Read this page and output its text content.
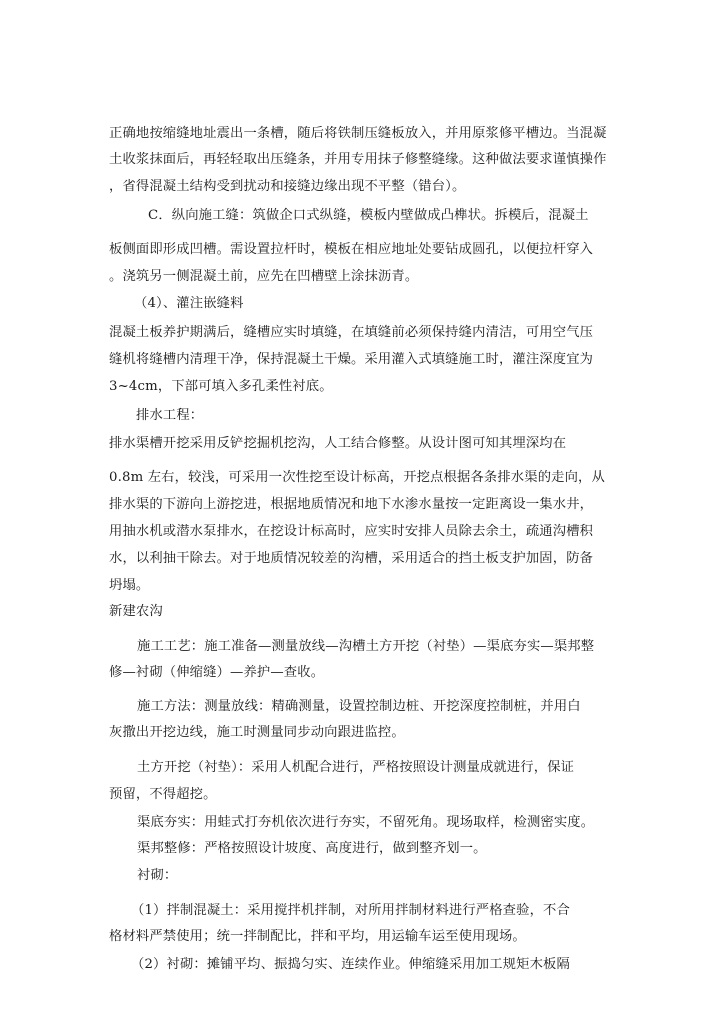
正确地按缩缝地址震出一条槽，随后将铁制压缝板放入，并用原浆修平槽边。当混凝
土收浆抹面后，再轻轻取出压缝条，并用专用抹子修整缝缘。这种做法要求谨慎操作
，省得混凝土结构受到扰动和接缝边缘出现不平整（错台）。
C．纵向施工缝：筑做企口式纵缝，模板内壁做成凸榫状。拆模后，混凝土
板侧面即形成凹槽。需设置拉杆时，模板在相应地址处要钻成圆孔，以便拉杆穿入
。浇筑另一侧混凝土前，应先在凹槽壁上涂抹沥青。
（4）、灌注嵌缝料
混凝土板养护期满后，缝槽应实时填缝，在填缝前必须保持缝内清洁，可用空气压
缝机将缝槽内清理干净，保持混凝土干燥。采用灌入式填缝施工时，灌注深度宜为
3~4cm，下部可填入多孔柔性衬底。
排水工程：
排水渠槽开挖采用反铲挖掘机挖沟，人工结合修整。从设计图可知其埋深均在
0.8m 左右，较浅，可采用一次性挖至设计标高，开挖点根据各条排水渠的走向，从
排水渠的下游向上游挖进，根据地质情况和地下水渗水量按一定距离设一集水井，
用抽水机或潜水泵排水，在挖设计标高时，应实时安排人员除去余土，疏通沟槽积
水，以利抽干除去。对于地质情况较差的沟槽，采用适合的挡土板支护加固，防备
坍塌。
新建农沟
施工工艺：施工准备—测量放线—沟槽土方开挖（衬垫）—渠底夯实—渠邦整
修—衬砌（伸缩缝）—养护—查收。
施工方法：测量放线：精确测量，设置控制边桩、开挖深度控制桩，并用白
灰撒出开挖边线，施工时测量同步动向跟进监控。
土方开挖（衬垫）：采用人机配合进行，严格按照设计测量成就进行，保证
预留，不得超挖。
渠底夯实：用蛙式打夯机依次进行夯实，不留死角。现场取样，检测密实度。
渠邦整修：严格按照设计坡度、高度进行，做到整齐划一。
衬砌：
（1）拌制混凝土：采用搅拌机拌制，对所用拌制材料进行严格查验，不合
格材料严禁使用；统一拌制配比，拌和平均，用运输车运至使用现场。
（2）衬砌：摊铺平均、振捣匀实、连续作业。伸缩缝采用加工规矩木板隔
